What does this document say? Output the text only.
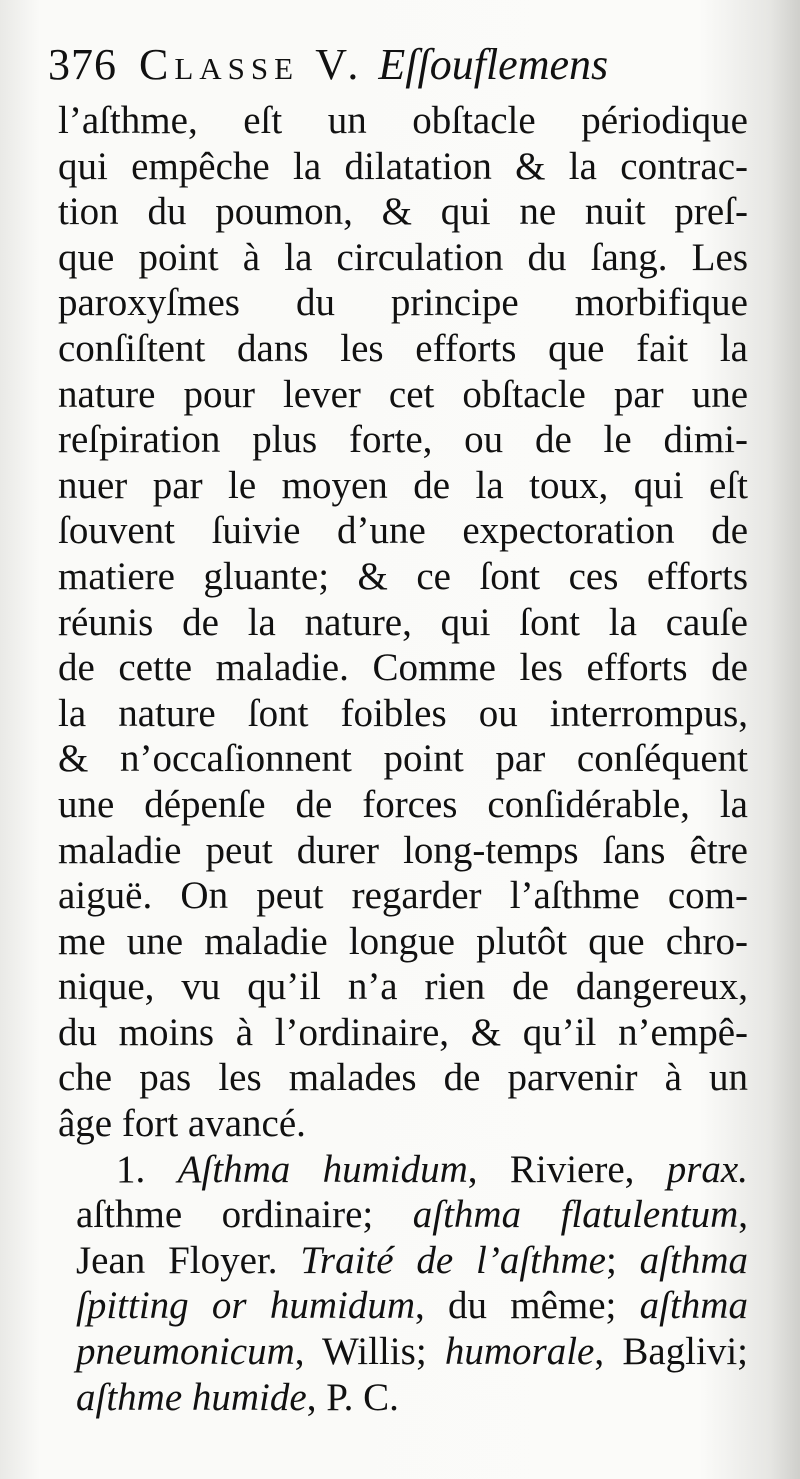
376 Classe V. Eſſouflemens
l’aſthme, eſt un obſtacle périodique
qui empêche la dilatation & la contrac-
tion du poumon, & qui ne nuit preſ-
que point à la circulation du ſang. Les
paroxyſmes du principe morbifique
conſiſtent dans les efforts que fait la
nature pour lever cet obſtacle par une
reſpiration plus forte, ou de le dimi-
nuer par le moyen de la toux, qui eſt
ſouvent ſuivie d’une expectoration de
matiere gluante; & ce ſont ces efforts
réunis de la nature, qui ſont la cauſe
de cette maladie. Comme les efforts de
la nature ſont foibles ou interrompus,
& n’occaſionnent point par conſéquent
une dépenſe de forces conſidérable, la
maladie peut durer long-temps ſans être
aiguë. On peut regarder l’aſthme com-
me une maladie longue plutôt que chro-
nique, vu qu’il n’a rien de dangereux,
du moins à l’ordinaire, & qu’il n’empê-
che pas les malades de parvenir à un
âge fort avancé.
1. Aſthma humidum, Riviere, prax.
aſthme ordinaire; aſthma flatulentum,
Jean Floyer. Traité de l’aſthme; aſthma
ſpitting or humidum, du même; aſthma
pneumonicum, Willis; humorale, Baglivi;
aſthme humide, P. C.
